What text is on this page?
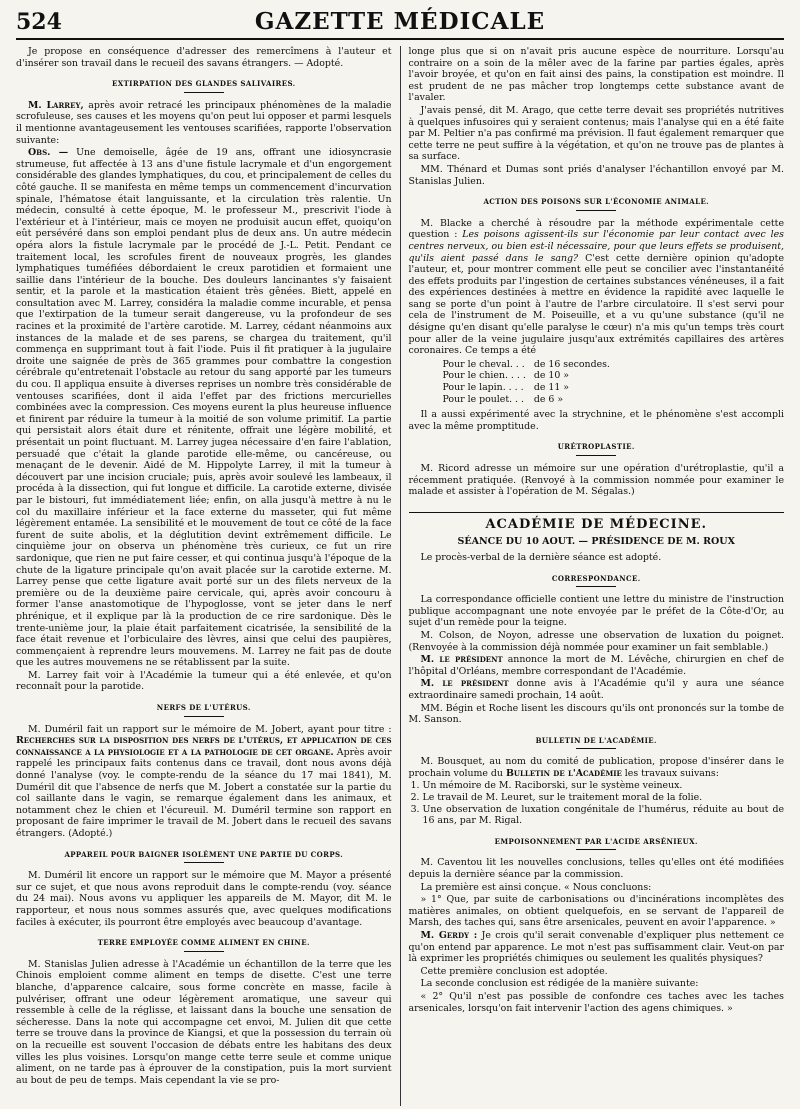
524	GAZETTE MÉDICALE

Je propose en conséquence d'adresser des remercîmens à l'auteur et d'insérer son travail dans le recueil des savans étrangers. — Adopté.

EXTIRPATION DES GLANDES SALIVAIRES.

M. Larrey, après avoir retracé les principaux phénomènes de la maladie scrofuleuse, ses causes et les moyens qu'on peut lui opposer et parmi lesquels il mentionne avantageusement les ventouses scarifiées, rapporte l'observation suivante:

Obs. — Une demoiselle, âgée de 19 ans, offrant une idiosyncrasie strumeuse, fut affectée à 13 ans d'une fistule lacrymale et d'un engorgement considérable des glandes lymphatiques, du cou, et principalement de celles du côté gauche. Il se manifesta en même temps un commencement d'incurvation spinale, l'hématose était languissante, et la circulation très ralentie. Un médecin, consulté à cette époque, M. le professeur M., prescrivit l'iode à l'extérieur et à l'intérieur, mais ce moyen ne produisit aucun effet, quoiqu'on eût persévéré dans son emploi pendant plus de deux ans. Un autre médecin opéra alors la fistule lacrymale par le procédé de J.-L. Petit. Pendant ce traitement local, les scrofules firent de nouveaux progrès, les glandes lymphatiques tuméfiées débordaient le creux parotidien et formaient une saillie dans l'intérieur de la bouche. Des douleurs lancinantes s'y faisaient sentir, et la parole et la mastication étaient très gênées. Biett, appelé en consultation avec M. Larrey, considéra la maladie comme incurable, et pensa que l'extirpation de la tumeur serait dangereuse, vu la profondeur de ses racines et la proximité de l'artère carotide. M. Larrey, cédant néanmoins aux instances de la malade et de ses parens, se chargea du traitement, qu'il commença en supprimant tout à fait l'iode. Puis il fit pratiquer à la jugulaire droite une saignée de près de 365 grammes pour combattre la congestion cérébrale qu'entretenait l'obstacle au retour du sang apporté par les tumeurs du cou. Il appliqua ensuite à diverses reprises un nombre très considérable de ventouses scarifiées, dont il aida l'effet par des frictions mercurielles combinées avec la compression. Ces moyens eurent la plus heureuse influence et finirent par réduire la tumeur à la moitié de son volume primitif. La partie qui persistait alors était dure et rénitente, offrait une légère mobilité, et présentait un point fluctuant. M. Larrey jugea nécessaire d'en faire l'ablation, persuadé que c'était la glande parotide elle-même, ou cancéreuse, ou menaçant de le devenir. Aidé de M. Hippolyte Larrey, il mit la tumeur à découvert par une incision cruciale; puis, après avoir soulevé les lambeaux, il procéda à la dissection, qui fut longue et difficile. La carotide externe, divisée par le bistouri, fut immédiatement liée; enfin, on alla jusqu'à mettre à nu le col du maxillaire inférieur et la face externe du masseter, qui fut même légèrement entamée. La sensibilité et le mouvement de tout ce côté de la face furent de suite abolis, et la déglutition devint extrêmement difficile. Le cinquième jour on observa un phénomène très curieux, ce fut un rire sardonique, que rien ne put faire cesser, et qui continua jusqu'à l'époque de la chute de la ligature principale qu'on avait placée sur la carotide externe. M. Larrey pense que cette ligature avait porté sur un des filets nerveux de la première ou de la deuxième paire cervicale, qui, après avoir concouru à former l'anse anastomotique de l'hypoglosse, vont se jeter dans le nerf phrénique, et il explique par là la production de ce rire sardonique. Dès le trente-unième jour, la plaie était parfaitement cicatrisée, la sensibilité de la face était revenue et l'orbiculaire des lèvres, ainsi que celui des paupières, commençaient à reprendre leurs mouvemens. M. Larrey ne fait pas de doute que les autres mouvemens ne se rétablissent par la suite.

M. Larrey fait voir à l'Académie la tumeur qui a été enlevée, et qu'on reconnaît pour la parotide.

NERFS DE L'UTÉRUS.

M. Duméril fait un rapport sur le mémoire de M. Jobert, ayant pour titre : Recherches sur la disposition des nerfs de l'utérus, et application de ces connaissance a la physiologie et a la pathologie de cet organe. Après avoir rappelé les principaux faits contenus dans ce travail, dont nous avons déjà donné l'analyse (voy. le compte-rendu de la séance du 17 mai 1841), M. Duméril dit que l'absence de nerfs que M. Jobert a constatée sur la partie du col saillante dans le vagin, se remarque également dans les animaux, et notamment chez le chien et l'écureuil. M. Duméril termine son rapport en proposant de faire imprimer le travail de M. Jobert dans le recueil des savans étrangers. (Adopté.)

APPAREIL POUR BAIGNER ISOLÉMENT UNE PARTIE DU CORPS.

M. Duméril lit encore un rapport sur le mémoire que M. Mayor a présenté sur ce sujet, et que nous avons reproduit dans le compte-rendu (voy. séance du 24 mai). Nous avons vu appliquer les appareils de M. Mayor, dit M. le rapporteur, et nous nous sommes assurés que, avec quelques modifications faciles à exécuter, ils pourront être employés avec beaucoup d'avantage.

TERRE EMPLOYÉE COMME ALIMENT EN CHINE.

M. Stanislas Julien adresse à l'Académie un échantillon de la terre que les Chinois emploient comme aliment en temps de disette. C'est une terre blanche, d'apparence calcaire, sous forme concrète en masse, facile à pulvériser, offrant une odeur légèrement aromatique, une saveur qui ressemble à celle de la réglisse, et laissant dans la bouche une sensation de sécheresse. Dans la note qui accompagne cet envoi, M. Julien dit que cette terre se trouve dans la province de Kiangsi, et que la possession du terrain où on la recueille est souvent l'occasion de débats entre les habitans des deux villes les plus voisines. Lorsqu'on mange cette terre seule et comme unique aliment, on ne tarde pas à éprouver de la constipation, puis la mort survient au bout de peu de temps. Mais cependant la vie se pro-

longe plus que si on n'avait pris aucune espèce de nourriture. Lorsqu'au contraire on a soin de la mêler avec de la farine par parties égales, après l'avoir broyée, et qu'on en fait ainsi des pains, la constipation est moindre. Il est prudent de ne pas mâcher trop longtemps cette substance avant de l'avaler.

J'avais pensé, dit M. Arago, que cette terre devait ses propriétés nutritives à quelques infusoires qui y seraient contenus; mais l'analyse qui en a été faite par M. Peltier n'a pas confirmé ma prévision. Il faut également remarquer que cette terre ne peut suffire à la végétation, et qu'on ne trouve pas de plantes à sa surface.

MM. Thénard et Dumas sont priés d'analyser l'échantillon envoyé par M. Stanislas Julien.

ACTION DES POISONS SUR L'ÉCONOMIE ANIMALE.

M. Blacke a cherché à résoudre par la méthode expérimentale cette question : Les poisons agissent-ils sur l'économie par leur contact avec les centres nerveux, ou bien est-il nécessaire, pour que leurs effets se produisent, qu'ils aient passé dans le sang? C'est cette dernière opinion qu'adopte l'auteur, et, pour montrer comment elle peut se concilier avec l'instantanéité des effets produits par l'ingestion de certaines substances vénéneuses, il a fait des expériences destinées à mettre en évidence la rapidité avec laquelle le sang se porte d'un point à l'autre de l'arbre circulatoire. Il s'est servi pour cela de l'instrument de M. Poiseuille, et a vu qu'une substance (qu'il ne désigne qu'en disant qu'elle paralyse le cœur) n'a mis qu'un temps très court pour aller de la veine jugulaire jusqu'aux extrémités capillaires des artères coronaires. Ce temps a été

Pour le cheval. . .	de 16 secondes.
Pour le chien. . . .	de 10 »
Pour le lapin. . . .	de 11 »
Pour le poulet. . .	de 6 »

Il a aussi expérimenté avec la strychnine, et le phénomène s'est accompli avec la même promptitude.

URÉTROPLASTIE.

M. Ricord adresse un mémoire sur une opération d'urétroplastie, qu'il a récemment pratiquée. (Renvoyé à la commission nommée pour examiner le malade et assister à l'opération de M. Ségalas.)

ACADÉMIE DE MÉDECINE.
SÉANCE DU 10 AOUT. — PRÉSIDENCE DE M. ROUX

Le procès-verbal de la dernière séance est adopté.

CORRESPONDANCE.

La correspondance officielle contient une lettre du ministre de l'instruction publique accompagnant une note envoyée par le préfet de la Côte-d'Or, au sujet d'un remède pour la teigne.

M. Colson, de Noyon, adresse une observation de luxation du poignet. (Renvoyée à la commission déjà nommée pour examiner un fait semblable.)

M. le président annonce la mort de M. Lévêche, chirurgien en chef de l'hôpital d'Orléans, membre correspondant de l'Académie.

M. le président donne avis à l'Académie qu'il y aura une séance extraordinaire samedi prochain, 14 août.

MM. Bégin et Roche lisent les discours qu'ils ont prononcés sur la tombe de M. Sanson.

BULLETIN DE L'ACADÉMIE.

M. Bousquet, au nom du comité de publication, propose d'insérer dans le prochain volume du Bulletin de l'Académie les travaux suivans:

1. Un mémoire de M. Raciborski, sur le système veineux.
2. Le travail de M. Leuret, sur le traitement moral de la folie.
3. Une observation de luxation congénitale de l'humérus, réduite au bout de 16 ans, par M. Rigal.
EMPOISONNEMENT PAR L'ACIDE ARSÉNIEUX.

M. Caventou lit les nouvelles conclusions, telles qu'elles ont été modifiées depuis la dernière séance par la commission.

La première est ainsi conçue. « Nous concluons:

» 1° Que, par suite de carbonisations ou d'incinérations incomplètes des matières animales, on obtient quelquefois, en se servant de l'appareil de Marsh, des taches qui, sans être arsenicales, peuvent en avoir l'apparence. »

M. Gerdy : Je crois qu'il serait convenable d'expliquer plus nettement ce qu'on entend par apparence. Le mot n'est pas suffisamment clair. Veut-on par là exprimer les propriétés chimiques ou seulement les qualités physiques?

Cette première conclusion est adoptée.

La seconde conclusion est rédigée de la manière suivante:

« 2° Qu'il n'est pas possible de confondre ces taches avec les taches arsenicales, lorsqu'on fait intervenir l'action des agens chimiques. »
